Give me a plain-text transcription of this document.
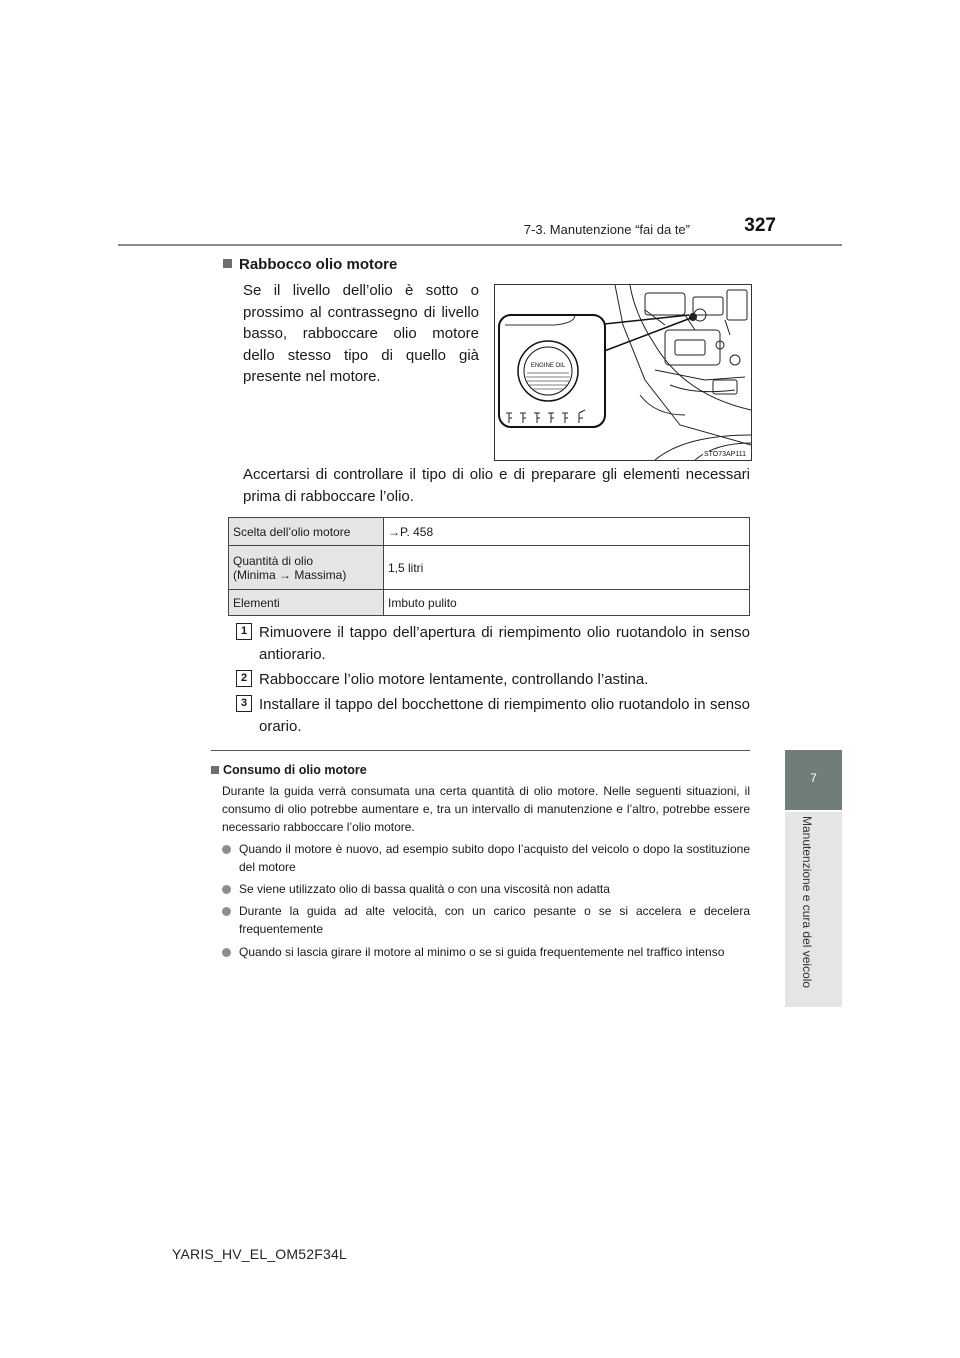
7-3. Manutenzione “fai da te”	327
7
Manutenzione e cura del veicolo
Rabbocco olio motore
Se il livello dell’olio è sotto o prossimo al contrassegno di livello basso, rabboccare olio motore dello stesso tipo di quello già presente nel motore.
ENGINE OIL
STO73AP111
Accertarsi di controllare il tipo di olio e di preparare gli elementi necessari prima di rabboccare l’olio.
Scelta dell’olio motore	→P. 458
Quantità di olio
(Minima → Massima)	1,5 litri
Elementi	Imbuto pulito
1 Rimuovere il tappo dell’apertura di riempimento olio ruotandolo in senso antiorario.
2 Rabboccare l’olio motore lentamente, controllando l’astina.
3 Installare il tappo del bocchettone di riempimento olio ruotandolo in senso orario.
Consumo di olio motore
Durante la guida verrà consumata una certa quantità di olio motore. Nelle seguenti situazioni, il consumo di olio potrebbe aumentare e, tra un intervallo di manutenzione e l’altro, potrebbe essere necessario rabboccare l’olio motore.
Quando il motore è nuovo, ad esempio subito dopo l’acquisto del veicolo o dopo la sostituzione del motore
Se viene utilizzato olio di bassa qualità o con una viscosità non adatta
Durante la guida ad alte velocità, con un carico pesante o se si accelera e decelera frequentemente
Quando si lascia girare il motore al minimo o se si guida frequentemente nel traffico intenso
YARIS_HV_EL_OM52F34L
